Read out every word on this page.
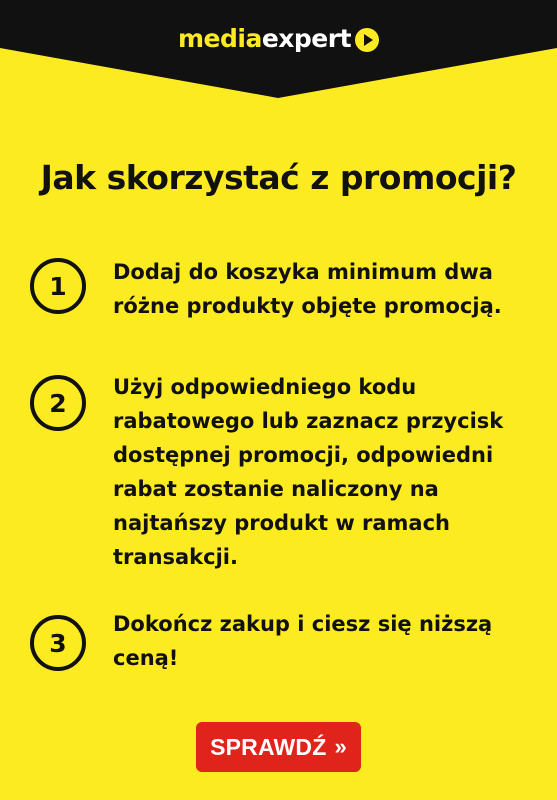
media expert
Jak skorzystać z promocji?
1	Dodaj do koszyka minimum dwa różne produkty objęte promocją.
2
Użyj odpowiedniego kodu rabatowego lub zaznacz przycisk dostępnej promocji, odpowiedni rabat zostanie naliczony na najtańszy produkt w ramach transakcji.
3
Dokończ zakup i ciesz się niższą ceną!
SPRAWDŹ »
